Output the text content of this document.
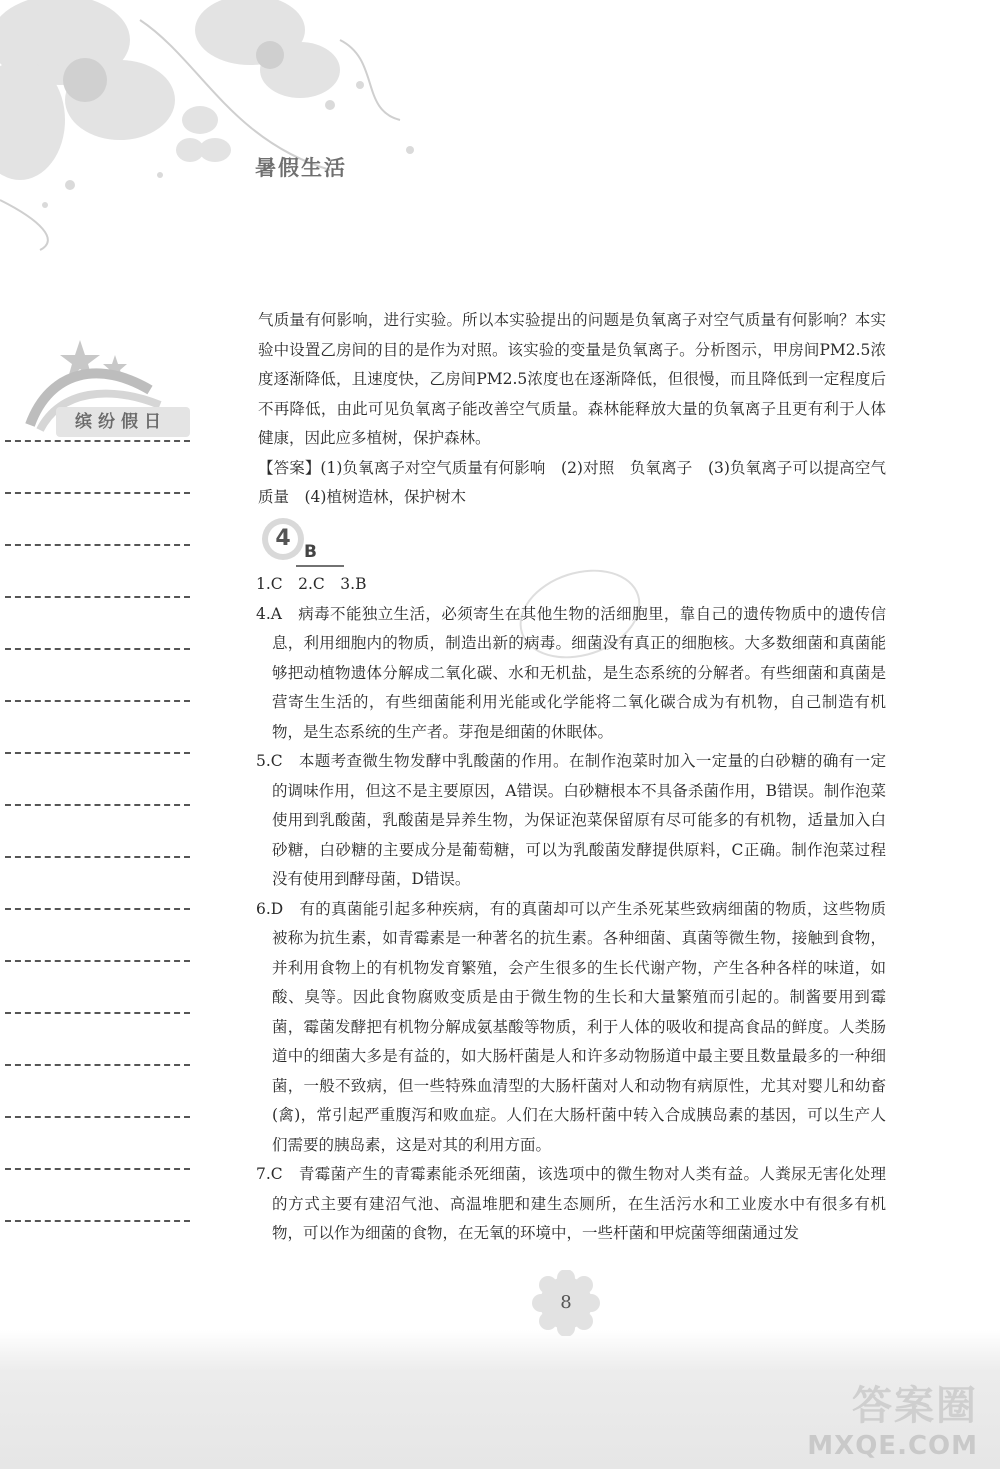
暑假生活
缤纷假日

气质量有何影响，进行实验。所以本实验提出的问题是负氧离子对空气质量有何影响？本实验中设置乙房间的目的是作为对照。该实验的变量是负氧离子。分析图示，甲房间PM2.5浓度逐渐降低，且速度快，乙房间PM2.5浓度也在逐渐降低，但很慢，而且降低到一定程度后不再降低，由此可见负氧离子能改善空气质量。森林能释放大量的负氧离子且更有利于人体健康，因此应多植树，保护森林。

【答案】(1)负氧离子对空气质量有何影响　(2)对照　负氧离子　(3)负氧离子可以提高空气质量　(4)植树造林，保护树木

4
B

1.C　2.C　3.B

4.A　病毒不能独立生活，必须寄生在其他生物的活细胞里，靠自己的遗传物质中的遗传信息，利用细胞内的物质，制造出新的病毒。细菌没有真正的细胞核。大多数细菌和真菌能够把动植物遗体分解成二氧化碳、水和无机盐，是生态系统的分解者。有些细菌和真菌是营寄生生活的，有些细菌能利用光能或化学能将二氧化碳合成为有机物，自己制造有机物，是生态系统的生产者。芽孢是细菌的休眠体。

5.C　本题考查微生物发酵中乳酸菌的作用。在制作泡菜时加入一定量的白砂糖的确有一定的调味作用，但这不是主要原因，A错误。白砂糖根本不具备杀菌作用，B错误。制作泡菜使用到乳酸菌，乳酸菌是异养生物，为保证泡菜保留原有尽可能多的有机物，适量加入白砂糖，白砂糖的主要成分是葡萄糖，可以为乳酸菌发酵提供原料，C正确。制作泡菜过程没有使用到酵母菌，D错误。

6.D　有的真菌能引起多种疾病，有的真菌却可以产生杀死某些致病细菌的物质，这些物质被称为抗生素，如青霉素是一种著名的抗生素。各种细菌、真菌等微生物，接触到食物，并利用食物上的有机物发育繁殖，会产生很多的生长代谢产物，产生各种各样的味道，如酸、臭等。因此食物腐败变质是由于微生物的生长和大量繁殖而引起的。制酱要用到霉菌，霉菌发酵把有机物分解成氨基酸等物质，利于人体的吸收和提高食品的鲜度。人类肠道中的细菌大多是有益的，如大肠杆菌是人和许多动物肠道中最主要且数量最多的一种细菌，一般不致病，但一些特殊血清型的大肠杆菌对人和动物有病原性，尤其对婴儿和幼畜(禽)，常引起严重腹泻和败血症。人们在大肠杆菌中转入合成胰岛素的基因，可以生产人们需要的胰岛素，这是对其的利用方面。

7.C　青霉菌产生的青霉素能杀死细菌，该选项中的微生物对人类有益。人粪尿无害化处理的方式主要有建沼气池、高温堆肥和建生态厕所，在生活污水和工业废水中有很多有机物，可以作为细菌的食物，在无氧的环境中，一些杆菌和甲烷菌等细菌通过发

8
答案圈
MXQE.COM
